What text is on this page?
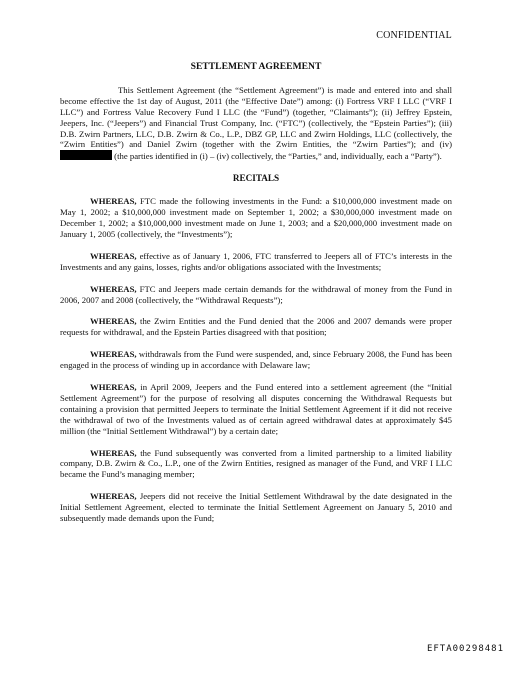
CONFIDENTIAL
SETTLEMENT AGREEMENT

This Settlement Agreement (the “Settlement Agreement”) is made and entered into and shall become effective the 1st day of August, 2011 (the “Effective Date”) among: (i) Fortress VRF I LLC (“VRF I LLC”) and Fortress Value Recovery Fund I LLC (the “Fund”) (together, “Claimants”); (ii) Jeffrey Epstein, Jeepers, Inc. (“Jeepers”) and Financial Trust Company, Inc. (“FTC”) (collectively, the “Epstein Parties”); (iii) D.B. Zwirn Partners, LLC, D.B. Zwirn & Co., L.P., DBZ GP, LLC and Zwirn Holdings, LLC (collectively, the “Zwirn Entities”) and Daniel Zwirn (together with the Zwirn Entities, the “Zwirn Parties”); and (iv)  (the parties identified in (i) – (iv) collectively, the “Parties,” and, individually, each a “Party”).

RECITALS

WHEREAS, FTC made the following investments in the Fund: a $10,000,000 investment made on May 1, 2002; a $10,000,000 investment made on September 1, 2002; a $30,000,000 investment made on December 1, 2002; a $10,000,000 investment made on June 1, 2003; and a $20,000,000 investment made on January 1, 2005 (collectively, the “Investments”);

WHEREAS, effective as of January 1, 2006, FTC transferred to Jeepers all of FTC’s interests in the Investments and any gains, losses, rights and/or obligations associated with the Investments;

WHEREAS, FTC and Jeepers made certain demands for the withdrawal of money from the Fund in 2006, 2007 and 2008 (collectively, the “Withdrawal Requests”);

WHEREAS, the Zwirn Entities and the Fund denied that the 2006 and 2007 demands were proper requests for withdrawal, and the Epstein Parties disagreed with that position;

WHEREAS, withdrawals from the Fund were suspended, and, since February 2008, the Fund has been engaged in the process of winding up in accordance with Delaware law;

WHEREAS, in April 2009, Jeepers and the Fund entered into a settlement agreement (the “Initial Settlement Agreement”) for the purpose of resolving all disputes concerning the Withdrawal Requests but containing a provision that permitted Jeepers to terminate the Initial Settlement Agreement if it did not receive the withdrawal of two of the Investments valued as of certain agreed withdrawal dates at approximately $45 million (the “Initial Settlement Withdrawal”) by a certain date;

WHEREAS, the Fund subsequently was converted from a limited partnership to a limited liability company, D.B. Zwirn & Co., L.P., one of the Zwirn Entities, resigned as manager of the Fund, and VRF I LLC became the Fund’s managing member;

WHEREAS, Jeepers did not receive the Initial Settlement Withdrawal by the date designated in the Initial Settlement Agreement, elected to terminate the Initial Settlement Agreement on January 5, 2010 and subsequently made demands upon the Fund;

EFTA00298481
